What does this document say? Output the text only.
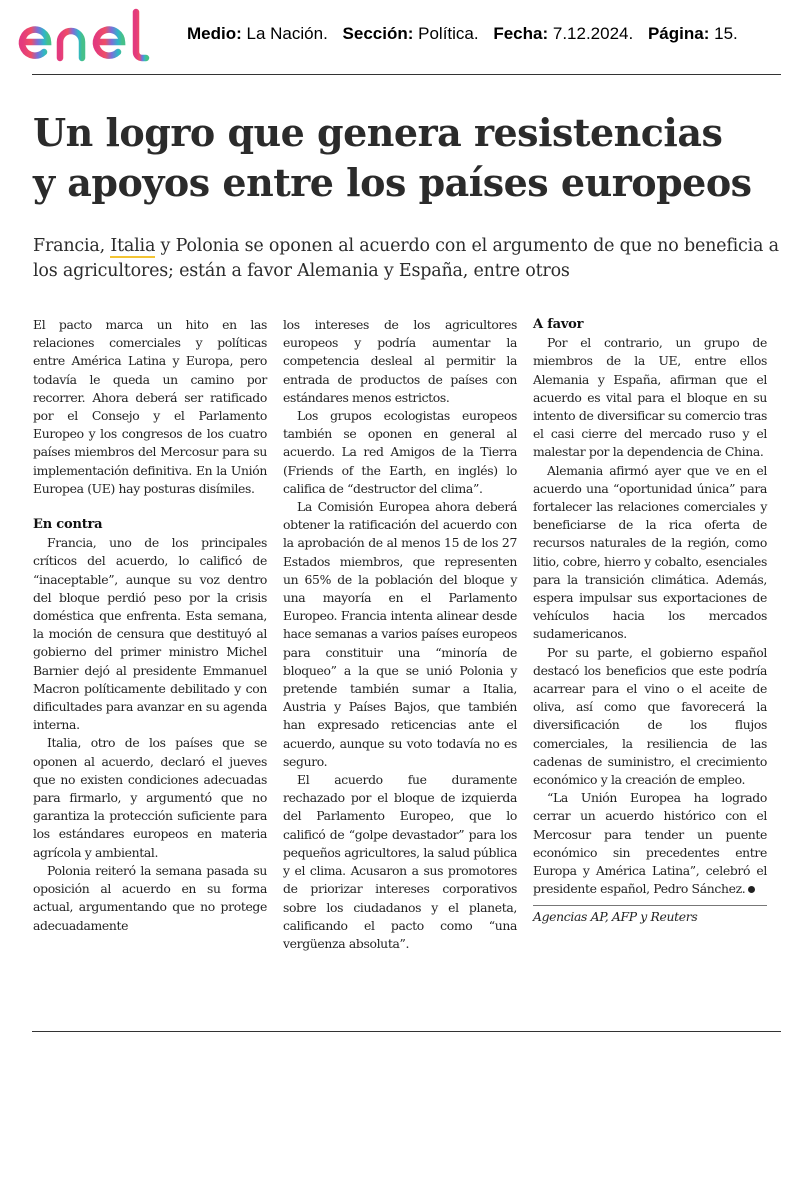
Medio: La Nación. Sección: Política. Fecha: 7.12.2024. Página: 15.
Un logro que genera resistencias
y apoyos entre los países europeos
Francia, Italia y Polonia se oponen al acuerdo con el argumento de que no beneficia a los agricultores; están a favor Alemania y España, entre otros

El pacto marca un hito en las relaciones comerciales y políticas entre América Latina y Europa, pero todavía le queda un camino por recorrer. Ahora deberá ser ratificado por el Consejo y el Parlamento Europeo y los congresos de los cuatro países miembros del Mercosur para su implementación definitiva. En la Unión Europea (UE) hay posturas disímiles.

En contra

Francia, uno de los principales críticos del acuerdo, lo calificó de “inaceptable”, aunque su voz dentro del bloque perdió peso por la crisis doméstica que enfrenta. Esta semana, la moción de censura que destituyó al gobierno del primer ministro Michel Barnier dejó al presidente Emmanuel Macron políticamente debilitado y con dificultades para avanzar en su agenda interna.

Italia, otro de los países que se oponen al acuerdo, declaró el jueves que no existen condiciones adecuadas para firmarlo, y argumentó que no garantiza la protección suficiente para los estándares europeos en materia agrícola y ambiental.

Polonia reiteró la semana pasada su oposición al acuerdo en su forma actual, argumentando que no protege adecuadamente

los intereses de los agricultores europeos y podría aumentar la competencia desleal al permitir la entrada de productos de países con estándares menos estrictos.

Los grupos ecologistas europeos también se oponen en general al acuerdo. La red Amigos de la Tierra (Friends of the Earth, en inglés) lo califica de “destructor del clima”.

La Comisión Europea ahora deberá obtener la ratificación del acuerdo con la aprobación de al menos 15 de los 27 Estados miembros, que representen un 65% de la población del bloque y una mayoría en el Parlamento Europeo. Francia intenta alinear desde hace semanas a varios países europeos para constituir una “minoría de bloqueo” a la que se unió Polonia y pretende también sumar a Italia, Austria y Países Bajos, que también han expresado reticencias ante el acuerdo, aunque su voto todavía no es seguro.

El acuerdo fue duramente rechazado por el bloque de izquierda del Parlamento Europeo, que lo calificó de “golpe devastador” para los pequeños agricultores, la salud pública y el clima. Acusaron a sus promotores de priorizar intereses corporativos sobre los ciudadanos y el planeta, calificando el pacto como “una vergüenza absoluta”.

A favor

Por el contrario, un grupo de miembros de la UE, entre ellos Alemania y España, afirman que el acuerdo es vital para el bloque en su intento de diversificar su comercio tras el casi cierre del mercado ruso y el malestar por la dependencia de China.

Alemania afirmó ayer que ve en el acuerdo una “oportunidad única” para fortalecer las relaciones comerciales y beneficiarse de la rica oferta de recursos naturales de la región, como litio, cobre, hierro y cobalto, esenciales para la transición climática. Además, espera impulsar sus exportaciones de vehículos hacia los mercados sudamericanos.

Por su parte, el gobierno español destacó los beneficios que este podría acarrear para el vino o el aceite de oliva, así como que favorecerá la diversificación de los flujos comerciales, la resiliencia de las cadenas de suministro, el crecimiento económico y la creación de empleo.

“La Unión Europea ha logrado cerrar un acuerdo histórico con el Mercosur para tender un puente económico sin precedentes entre Europa y América Latina”, celebró el presidente español, Pedro Sánchez.

Agencias AP, AFP y Reuters
